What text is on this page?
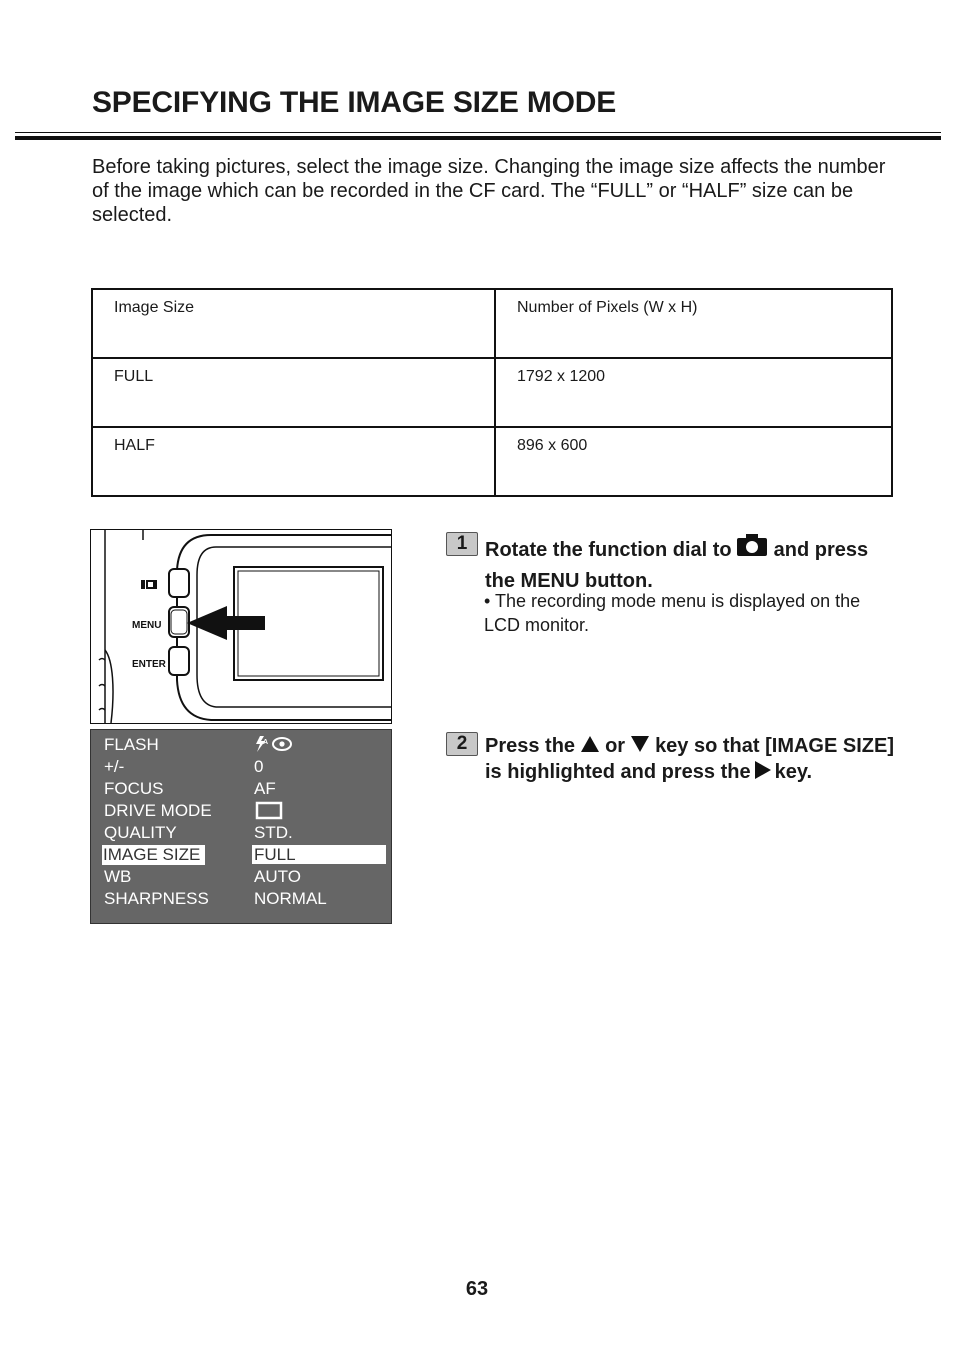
SPECIFYING THE IMAGE SIZE MODE

Before taking pictures, select the image size. Changing the image size affects the number of the image which can be recorded in the CF card. The “FULL” or “HALF” size can be selected.

Image Size	Number of Pixels (W x H)
FULL	1792 x 1200
HALF	896 x 600
MENU
ENTER
FLASH	A
+/-	0
FOCUS	AF
DRIVE MODE
QUALITY	STD.
IMAGE SIZE	FULL
WB	AUTO
SHARPNESS	NORMAL
1 Rotate the function dial to and press the MENU button.
• The recording mode menu is displayed on the LCD monitor.
2 Press the or key so that [IMAGE SIZE] is highlighted and press the key.
63
